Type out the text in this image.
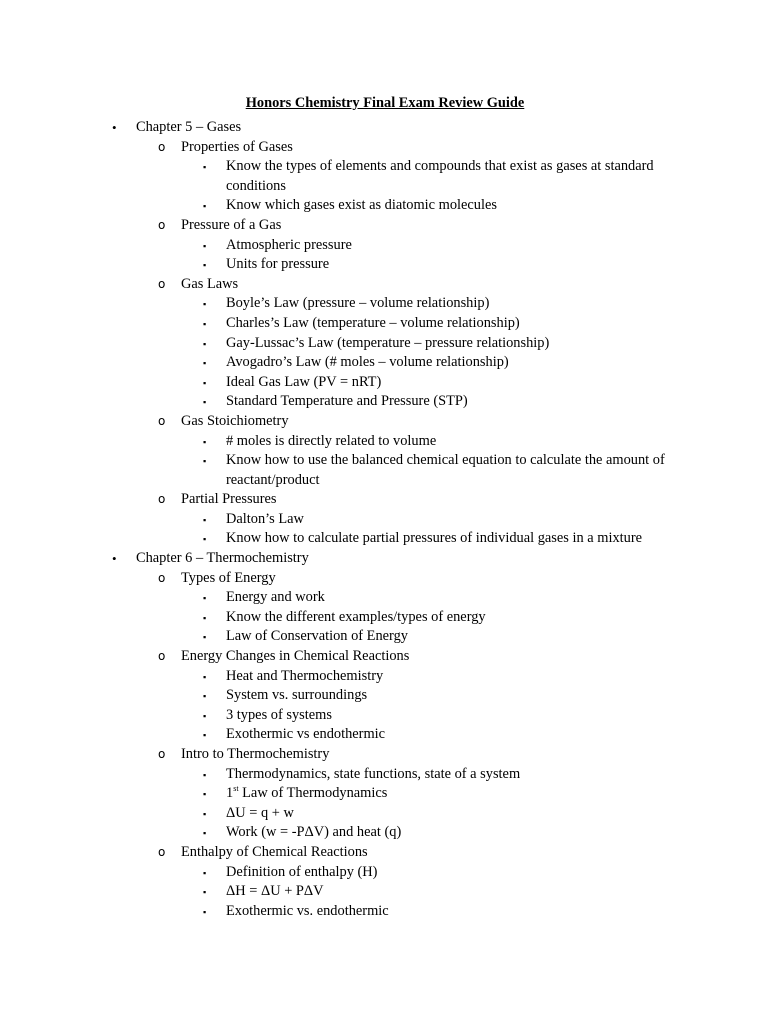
Honors Chemistry Final Exam Review Guide
• Chapter 5 – Gases
o Properties of Gases
▪ Know the types of elements and compounds that exist as gases at standard conditions
▪ Know which gases exist as diatomic molecules
o Pressure of a Gas
▪ Atmospheric pressure
▪ Units for pressure
o Gas Laws
▪ Boyle’s Law (pressure – volume relationship)
▪ Charles’s Law (temperature – volume relationship)
▪ Gay-Lussac’s Law (temperature – pressure relationship)
▪ Avogadro’s Law (# moles – volume relationship)
▪ Ideal Gas Law (PV = nRT)
▪ Standard Temperature and Pressure (STP)
o Gas Stoichiometry
▪ # moles is directly related to volume
▪ Know how to use the balanced chemical equation to calculate the amount of reactant/product
o Partial Pressures
▪ Dalton’s Law
▪ Know how to calculate partial pressures of individual gases in a mixture
• Chapter 6 – Thermochemistry
o Types of Energy
▪ Energy and work
▪ Know the different examples/types of energy
▪ Law of Conservation of Energy
o Energy Changes in Chemical Reactions
▪ Heat and Thermochemistry
▪ System vs. surroundings
▪ 3 types of systems
▪ Exothermic vs endothermic
o Intro to Thermochemistry
▪ Thermodynamics, state functions, state of a system
▪ 1st Law of Thermodynamics
▪ ΔU = q + w
▪ Work (w = -PΔV) and heat (q)
o Enthalpy of Chemical Reactions
▪ Definition of enthalpy (H)
▪ ΔH = ΔU + PΔV
▪ Exothermic vs. endothermic
